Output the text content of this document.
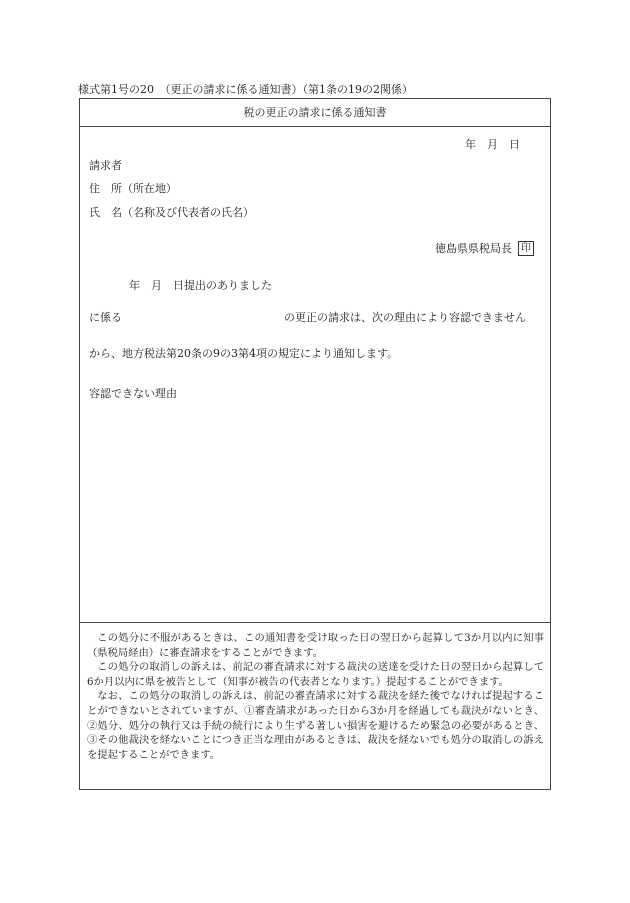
様式第1号の20　（更正の請求に係る通知書）（第1条の19の2関係）
税の更正の請求に係る通知書
年　月　日
請求者
住　所（所在地）
氏　名（名称及び代表者の氏名）
徳島県県税局長 印
年　月　日提出のありました
に係る	の更正の請求は、次の理由により容認できません
から、地方税法第20条の9の3第4項の規定により通知します。
容認できない理由

この処分に不服があるときは、この通知書を受け取った日の翌日から起算して3か月以内に知事（県税局経由）に審査請求をすることができます。

この処分の取消しの訴えは、前記の審査請求に対する裁決の送達を受けた日の翌日から起算して6か月以内に県を被告として（知事が被告の代表者となります。）提起することができます。

なお、この処分の取消しの訴えは、前記の審査請求に対する裁決を経た後でなければ提起することができないとされていますが、①審査請求があった日から3か月を経過しても裁決がないとき、②処分、処分の執行又は手続の続行により生ずる著しい損害を避けるため緊急の必要があるとき、③その他裁決を経ないことにつき正当な理由があるときは、裁決を経ないでも処分の取消しの訴えを提起することができます。
